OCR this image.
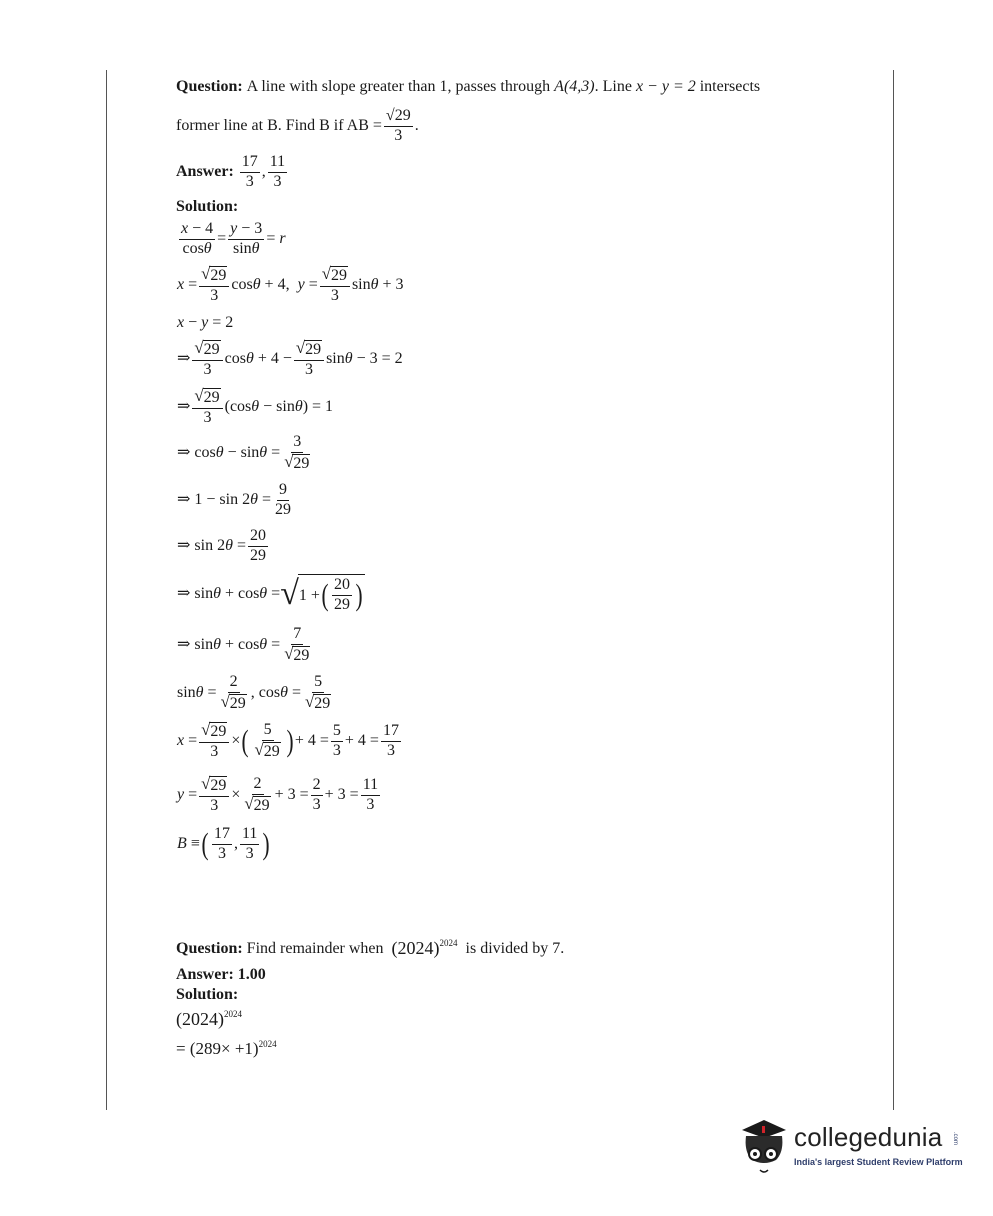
Question: A line with slope greater than 1, passes through A(4,3) . Line x − y = 2 intersects
former line at B. Find B if AB = $\frac{√29}{3}$ .
Answer: $\frac{17}{3}$ , $\frac{11}{3}$
Solution:
$\frac{x - 4}{\cos\theta} = \frac{y - 3}{\sin\theta} = r$
$x = \frac{√ 29}{3}$ cosθ + 4,  $y = \frac{√ 29}{3}$ sinθ + 3
x − y = 2
⇒ $\frac{√ 29}{3}$ $\cos\theta + 4 - \frac{√ 29}{3}$ sinθ − 3 = 2
⇒ $\frac{√ 29}{3} (\cos\theta - \sin\theta) = 1$
⇒ $\cos\theta - \sin\theta = \frac{3}{√ 29}$
⇒ $1 - \sin 2\theta = \frac{9}{29}$
⇒ $\sin 2\theta = \frac{20}{29}$
⇒ sinθ + cosθ = √ 1 + ( $\frac{20}{29}$ )
⇒ $\sin\theta + \cos\theta = \frac{7}{√ 29}$
$\sin\theta = \frac{2}{√ 29}$ , $\cos\theta = \frac{5}{√ 29}$
$x = \frac{√ 29}{3}$ × ( $\frac{5}{√ 29}$ ) + $4 = \frac{5}{3} + 4 = \frac{17}{3}$
$y = \frac{√ 29}{3} \times \frac{2}{√ 29} + 3 = \frac{2}{3} + 3 = \frac{11}{3}$
B ≡ ( $\frac{17}{3}$ , $\frac{11}{3}$ )
Question: Find remainder when $(2024)^{2024}$ is divided by 7.
Answer: 1.00
Solution:
$(2024)^{2024}$
= $(289\times +1)^{2024}$
collegedunia .com
India's largest Student Review Platform
